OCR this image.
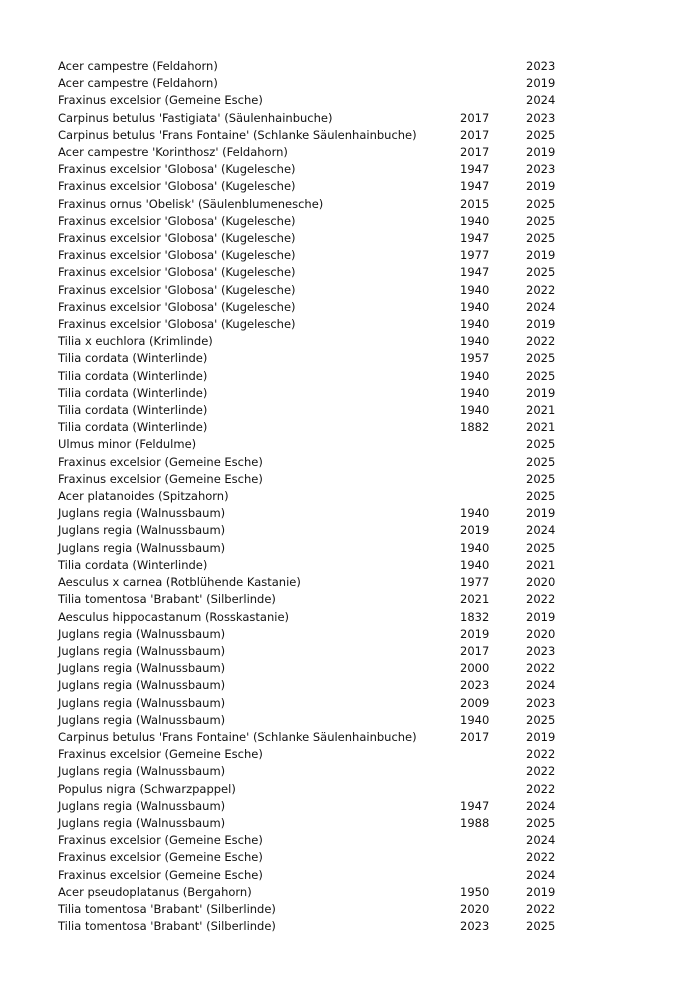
Acer campestre (Feldahorn)		2023
Acer campestre (Feldahorn)		2019
Fraxinus excelsior (Gemeine Esche)		2024
Carpinus betulus 'Fastigiata' (Säulenhainbuche)	2017	2023
Carpinus betulus 'Frans Fontaine' (Schlanke Säulenhainbuche)	2017	2025
Acer campestre 'Korinthosz' (Feldahorn)	2017	2019
Fraxinus excelsior 'Globosa' (Kugelesche)	1947	2023
Fraxinus excelsior 'Globosa' (Kugelesche)	1947	2019
Fraxinus ornus 'Obelisk' (Säulenblumenesche)	2015	2025
Fraxinus excelsior 'Globosa' (Kugelesche)	1940	2025
Fraxinus excelsior 'Globosa' (Kugelesche)	1947	2025
Fraxinus excelsior 'Globosa' (Kugelesche)	1977	2019
Fraxinus excelsior 'Globosa' (Kugelesche)	1947	2025
Fraxinus excelsior 'Globosa' (Kugelesche)	1940	2022
Fraxinus excelsior 'Globosa' (Kugelesche)	1940	2024
Fraxinus excelsior 'Globosa' (Kugelesche)	1940	2019
Tilia x euchlora (Krimlinde)	1940	2022
Tilia cordata (Winterlinde)	1957	2025
Tilia cordata (Winterlinde)	1940	2025
Tilia cordata (Winterlinde)	1940	2019
Tilia cordata (Winterlinde)	1940	2021
Tilia cordata (Winterlinde)	1882	2021
Ulmus minor (Feldulme)		2025
Fraxinus excelsior (Gemeine Esche)		2025
Fraxinus excelsior (Gemeine Esche)		2025
Acer platanoides (Spitzahorn)		2025
Juglans regia (Walnussbaum)	1940	2019
Juglans regia (Walnussbaum)	2019	2024
Juglans regia (Walnussbaum)	1940	2025
Tilia cordata (Winterlinde)	1940	2021
Aesculus x carnea (Rotblühende Kastanie)	1977	2020
Tilia tomentosa 'Brabant' (Silberlinde)	2021	2022
Aesculus hippocastanum (Rosskastanie)	1832	2019
Juglans regia (Walnussbaum)	2019	2020
Juglans regia (Walnussbaum)	2017	2023
Juglans regia (Walnussbaum)	2000	2022
Juglans regia (Walnussbaum)	2023	2024
Juglans regia (Walnussbaum)	2009	2023
Juglans regia (Walnussbaum)	1940	2025
Carpinus betulus 'Frans Fontaine' (Schlanke Säulenhainbuche)	2017	2019
Fraxinus excelsior (Gemeine Esche)		2022
Juglans regia (Walnussbaum)		2022
Populus nigra (Schwarzpappel)		2022
Juglans regia (Walnussbaum)	1947	2024
Juglans regia (Walnussbaum)	1988	2025
Fraxinus excelsior (Gemeine Esche)		2024
Fraxinus excelsior (Gemeine Esche)		2022
Fraxinus excelsior (Gemeine Esche)		2024
Acer pseudoplatanus (Bergahorn)	1950	2019
Tilia tomentosa 'Brabant' (Silberlinde)	2020	2022
Tilia tomentosa 'Brabant' (Silberlinde)	2023	2025
